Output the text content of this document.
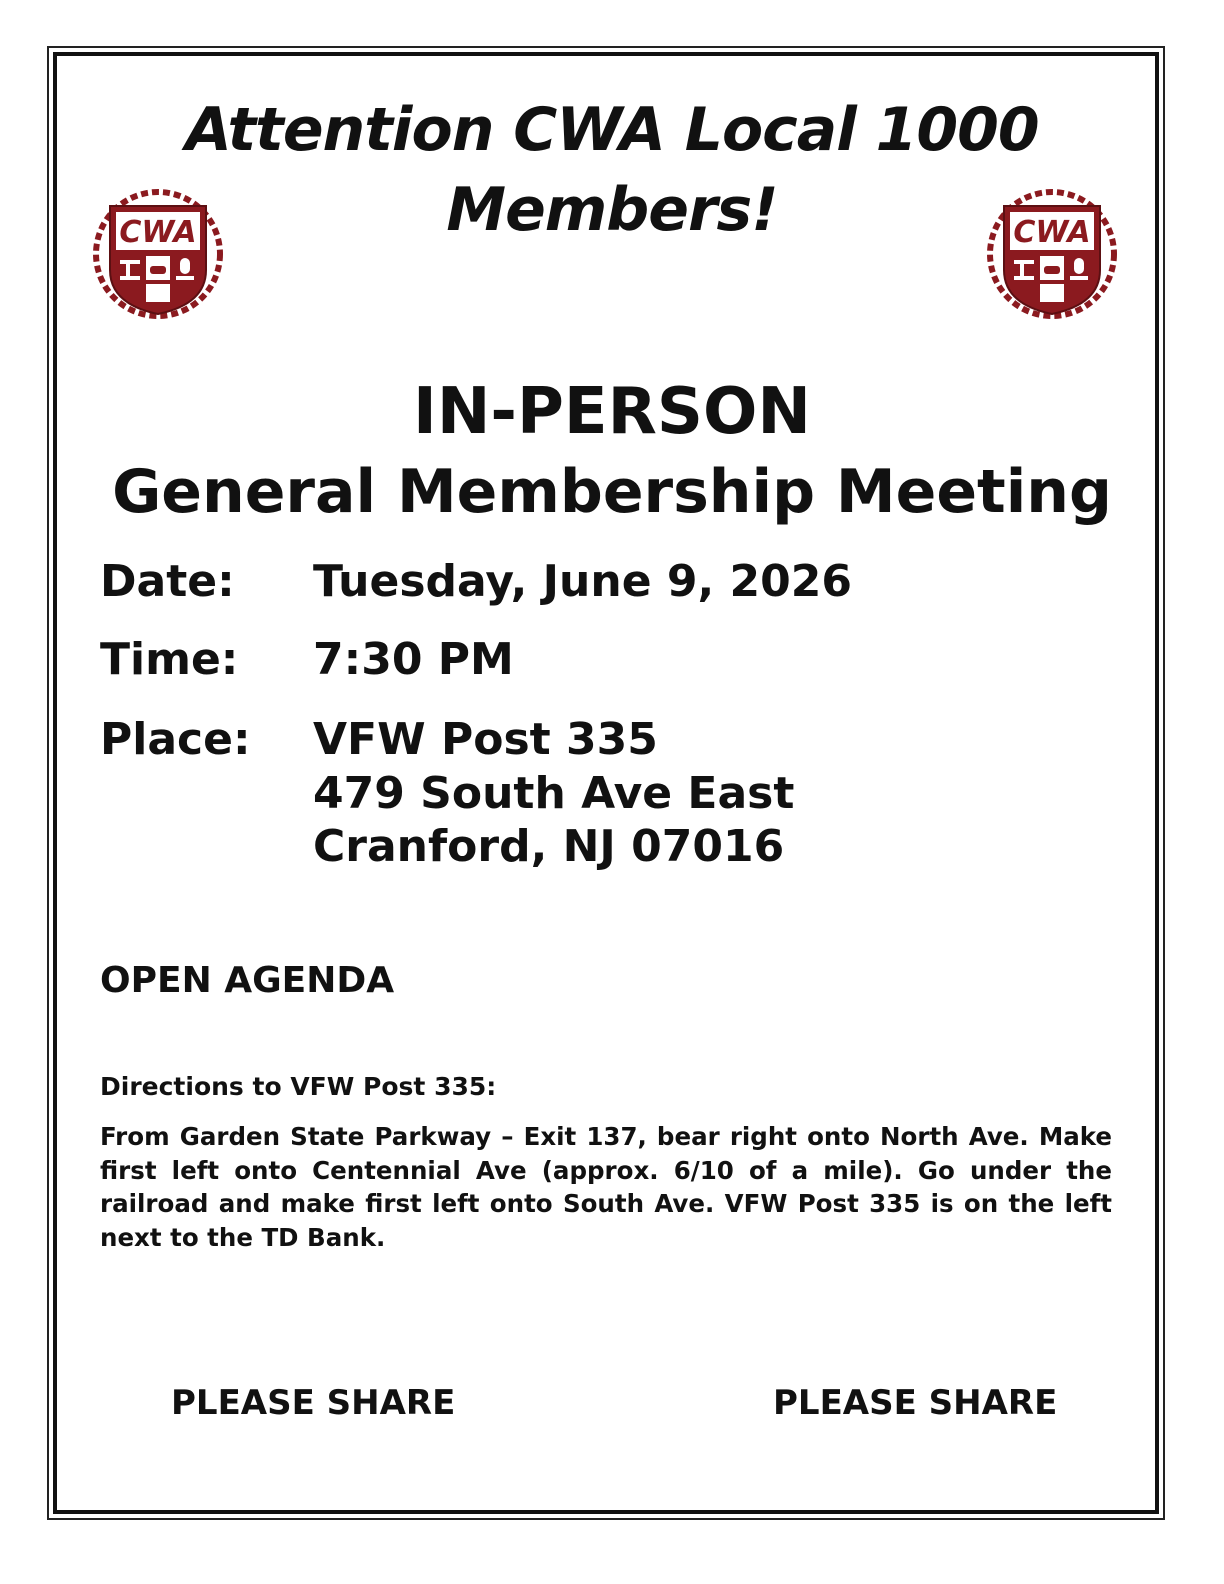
Attention CWA Local 1000
Members!
CWA	CWA
IN-PERSON
General Membership Meeting

Date: Tuesday, June 9, 2026

Time: 7:30 PM

Place: VFW Post 335

479 South Ave East

Cranford, NJ 07016

OPEN AGENDA

Directions to VFW Post 335:

From Garden State Parkway – Exit 137, bear right onto North Ave. Make first left onto Centennial Ave (approx. 6/10 of a mile). Go under the railroad and make first left onto South Ave. VFW Post 335 is on the left next to the TD Bank.

PLEASE SHARE	PLEASE SHARE
